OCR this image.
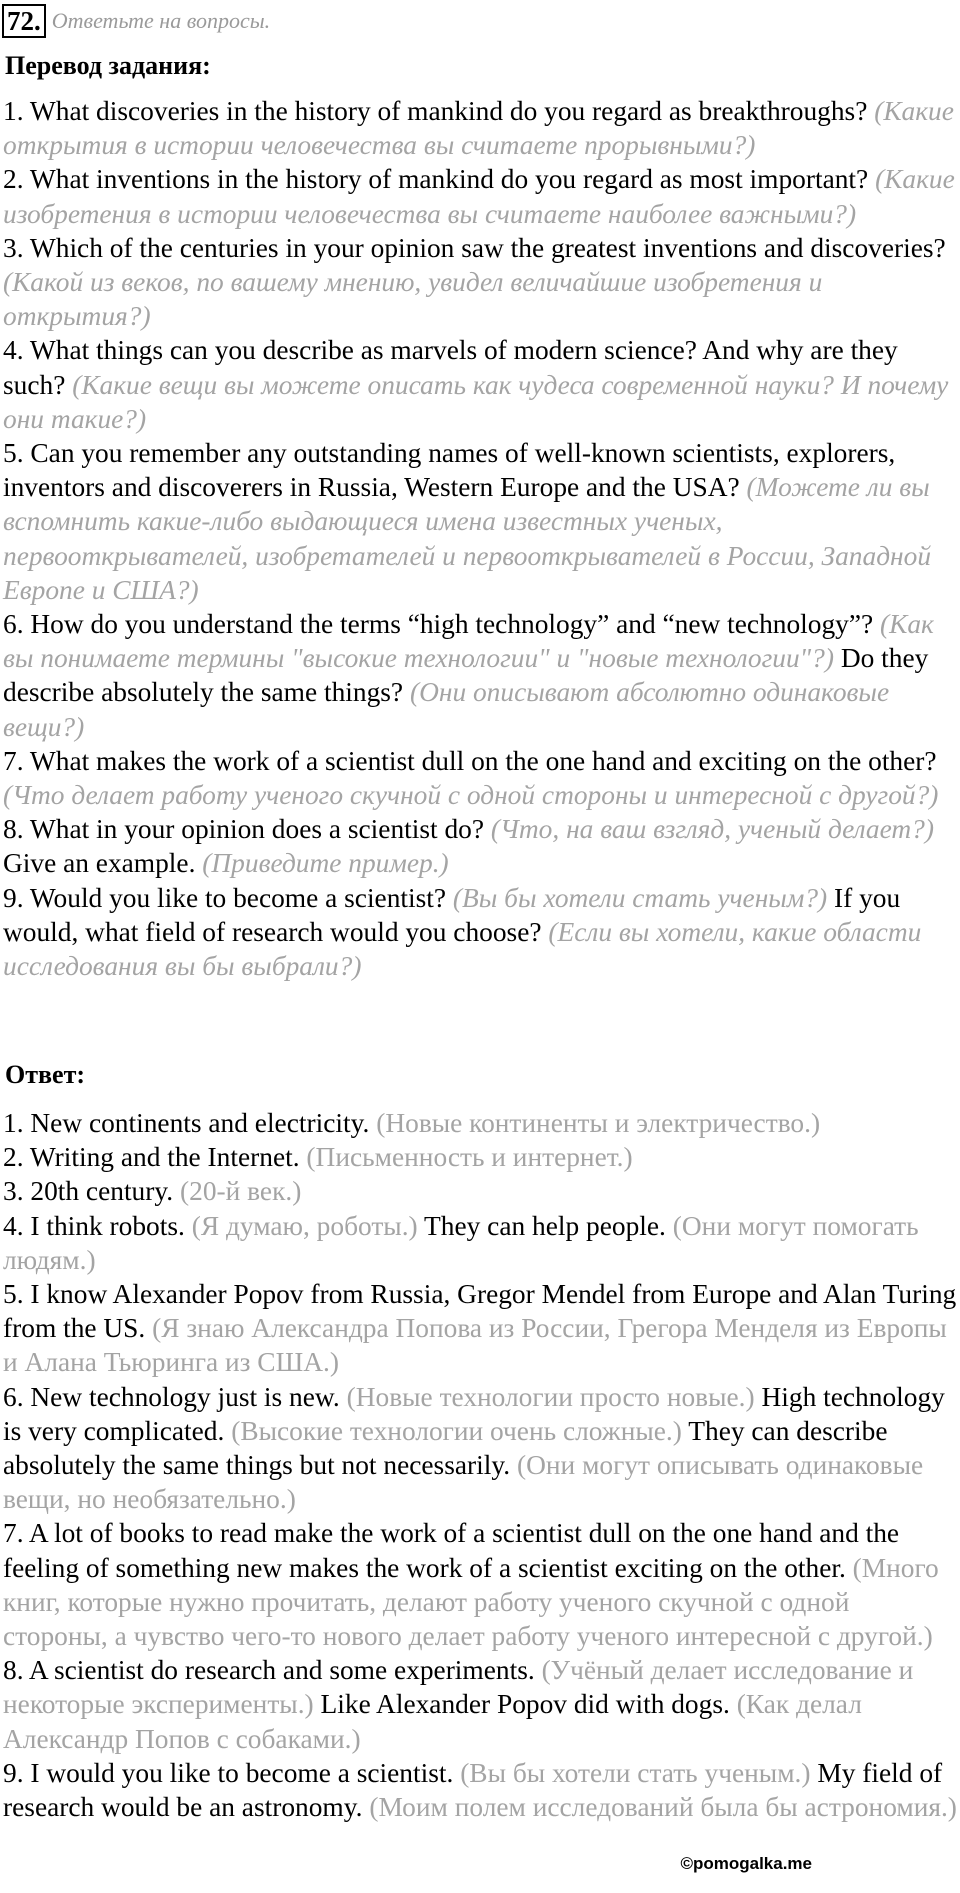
72. Ответьте на вопросы.
Перевод задания:

1. What discoveries in the history of mankind do you regard as breakthroughs? (Какие открытия в истории человечества вы считаете прорывными?)

2. What inventions in the history of mankind do you regard as most important? (Какие изобретения в истории человечества вы считаете наиболее важными?)

3. Which of the centuries in your opinion saw the greatest inventions and discoveries? (Какой из веков, по вашему мнению, увидел величайшие изобретения и открытия?)

4. What things can you describe as marvels of modern science? And why are they such? (Какие вещи вы можете описать как чудеса современной науки? И почему они такие?)

5. Can you remember any outstanding names of well-known scientists, explorers, inventors and discoverers in Russia, Western Europe and the USA? (Можете ли вы вспомнить какие-либо выдающиеся имена известных ученых, первооткрывателей, изобретателей и первооткрывателей в России, Западной Европе и США?)

6. How do you understand the terms “high technology” and “new technology”? (Как вы понимаете термины "высокие технологии" и "новые технологии"?) Do they describe absolutely the same things? (Они описывают абсолютно одинаковые вещи?)

7. What makes the work of a scientist dull on the one hand and exciting on the other? (Что делает работу ученого скучной с одной стороны и интересной с другой?)

8. What in your opinion does a scientist do? (Что, на ваш взгляд, ученый делает?) Give an example. (Приведите пример.)

9. Would you like to become a scientist? (Вы бы хотели стать ученым?) If you would, what field of research would you choose? (Если вы хотели, какие области исследования вы бы выбрали?)

Ответ:

1. New continents and electricity. (Новые континенты и электричество.)

2. Writing and the Internet. (Письменность и интернет.)

3. 20th century. (20-й век.)

4. I think robots. (Я думаю, роботы.) They can help people. (Они могут помогать людям.)

5. I know Alexander Popov from Russia, Gregor Mendel from Europe and Alan Turing from the US. (Я знаю Александра Попова из России, Грегора Менделя из Европы и Алана Тьюринга из США.)

6. New technology just is new. (Новые технологии просто новые.) High technology is very complicated. (Высокие технологии очень сложные.) They can describe absolutely the same things but not necessarily. (Они могут описывать одинаковые вещи, но необязательно.)

7. A lot of books to read make the work of a scientist dull on the one hand and the feeling of something new makes the work of a scientist exciting on the other. (Много книг, которые нужно прочитать, делают работу ученого скучной с одной стороны, а чувство чего-то нового делает работу ученого интересной с другой.)

8. A scientist do research and some experiments. (Учёный делает исследование и некоторые эксперименты.) Like Alexander Popov did with dogs. (Как делал Александр Попов с собаками.)

9. I would you like to become a scientist. (Вы бы хотели стать ученым.) My field of research would be an astronomy. (Моим полем исследований была бы астрономия.)

©pomogalka.me
